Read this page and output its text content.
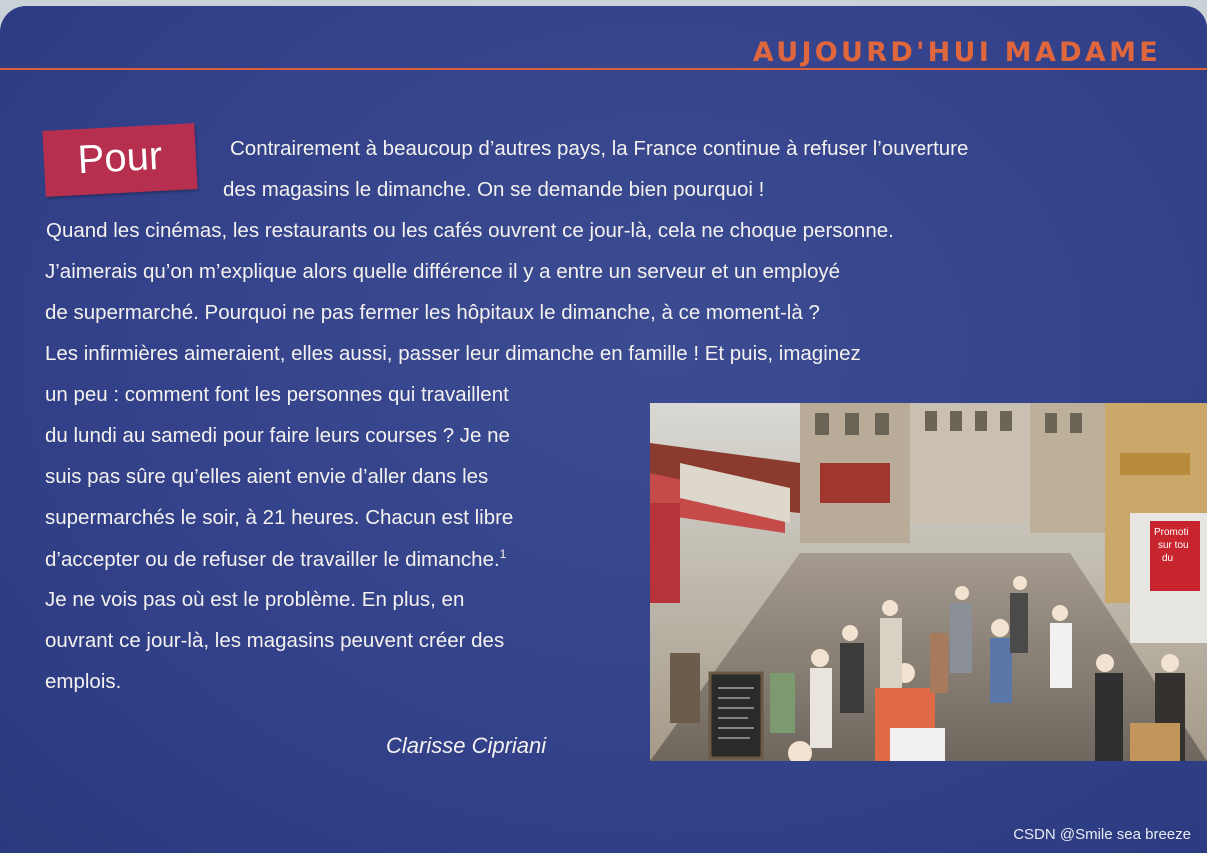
AUJOURD'HUI MADAME
Pour	Contrairement à beaucoup d’autres pays, la France continue à refuser l’ouverture
des magasins le dimanche. On se demande bien pourquoi !
Quand les cinémas, les restaurants ou les cafés ouvrent ce jour-là, cela ne choque personne.
J’aimerais qu’on m’explique alors quelle différence il y a entre un serveur et un employé
de supermarché. Pourquoi ne pas fermer les hôpitaux le dimanche, à ce moment-là ?
Les infirmières aimeraient, elles aussi, passer leur dimanche en famille ! Et puis, imaginez
un peu : comment font les personnes qui travaillent
du lundi au samedi pour faire leurs courses ? Je ne
suis pas sûre qu’elles aient envie d’aller dans les
supermarchés le soir, à 21 heures. Chacun est libre
d’accepter ou de refuser de travailler le dimanche.$^1$
Je ne vois pas où est le problème. En plus, en
ouvrant ce jour-là, les magasins peuvent créer des
emplois.
Clarisse Cipriani
Promoti
sur tou
du
CSDN @Smile sea breeze
